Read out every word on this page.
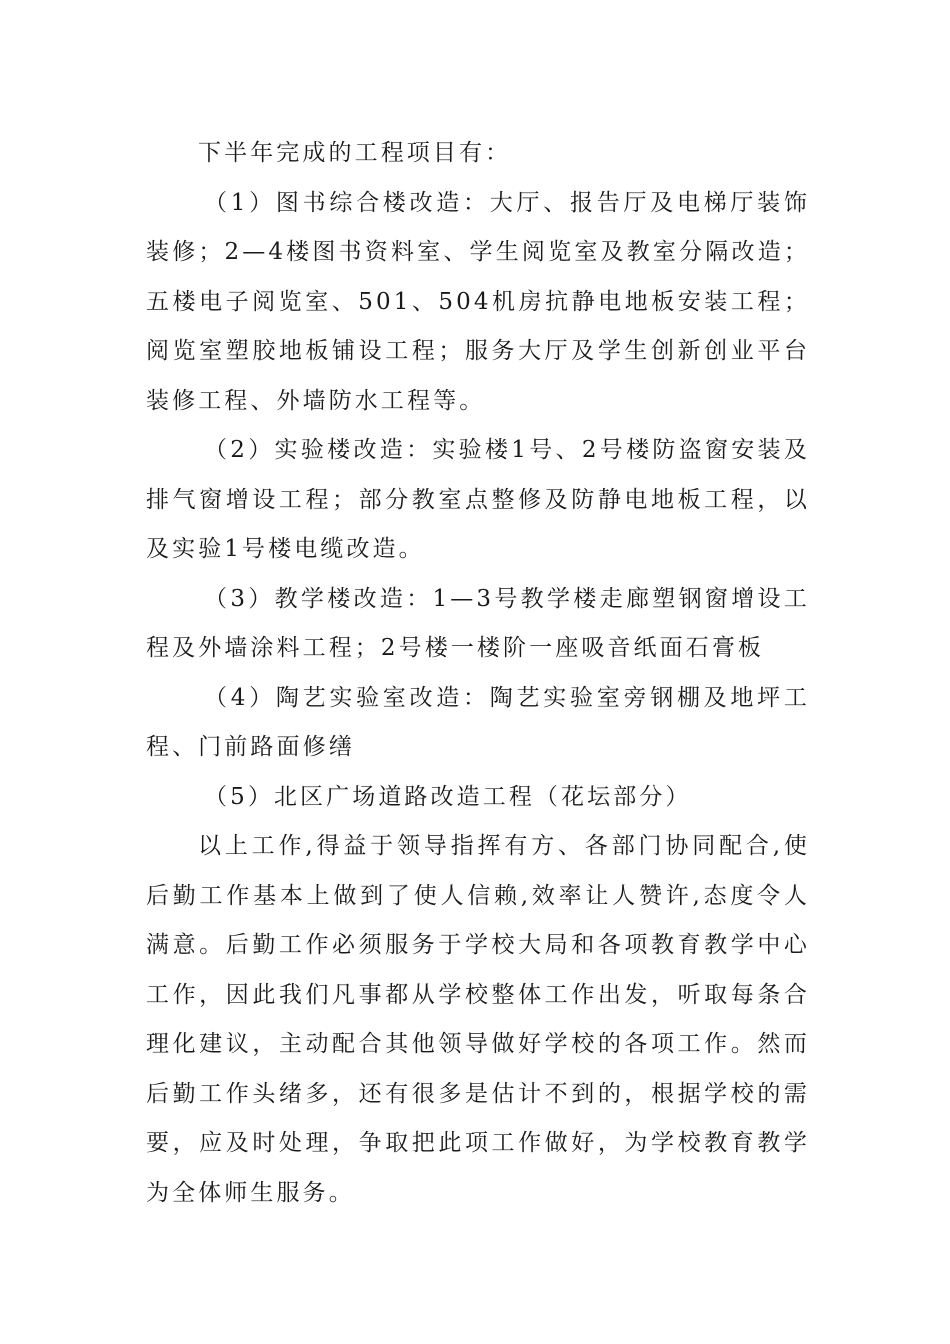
下半年完成的工程项目有：

（1）图书综合楼改造：大厅、报告厅及电梯厅装饰装修；2—4楼图书资料室、学生阅览室及教室分隔改造；五楼电子阅览室、501、504机房抗静电地板安装工程；阅览室塑胶地板铺设工程；服务大厅及学生创新创业平台装修工程、外墙防水工程等。

（2）实验楼改造：实验楼1号、2号楼防盗窗安装及排气窗增设工程；部分教室点整修及防静电地板工程，以及实验1号楼电缆改造。

（3）教学楼改造：1—3号教学楼走廊塑钢窗增设工程及外墙涂料工程；2号楼一楼阶一座吸音纸面石膏板

（4）陶艺实验室改造：陶艺实验室旁钢棚及地坪工程、门前路面修缮

（5）北区广场道路改造工程（花坛部分）

以上工作,得益于领导指挥有方、各部门协同配合,使后勤工作基本上做到了使人信赖,效率让人赞许,态度令人满意。后勤工作必须服务于学校大局和各项教育教学中心工作，因此我们凡事都从学校整体工作出发，听取每条合理化建议，主动配合其他领导做好学校的各项工作。然而后勤工作头绪多，还有很多是估计不到的，根据学校的需要，应及时处理，争取把此项工作做好，为学校教育教学为全体师生服务。
